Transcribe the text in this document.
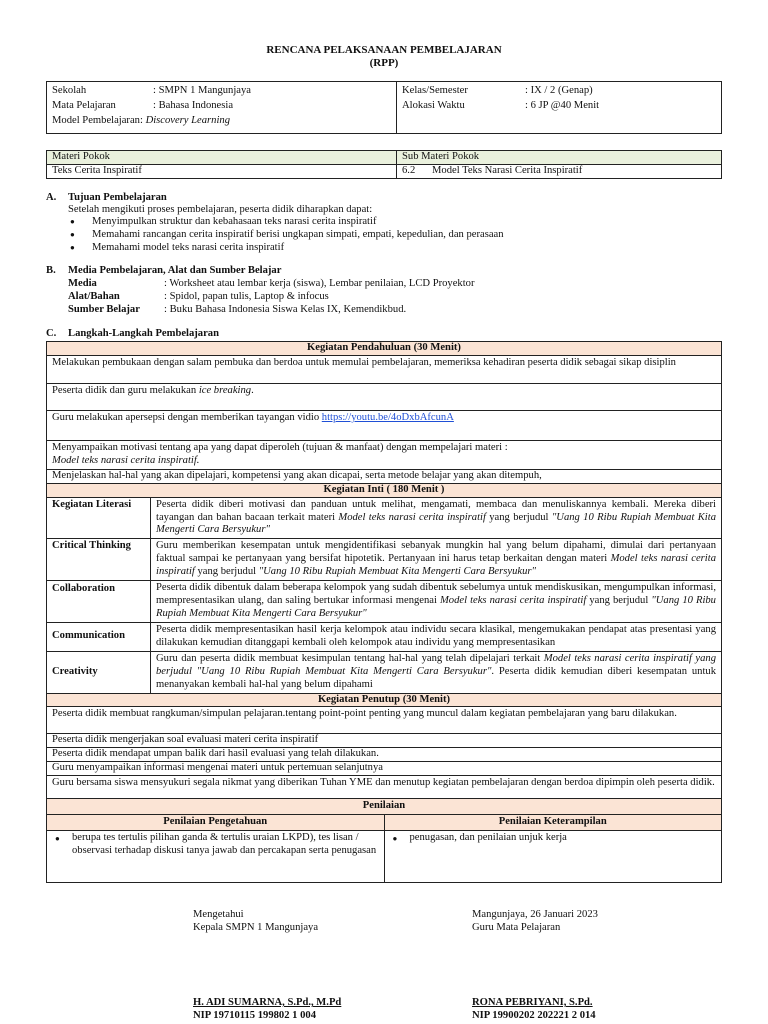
RENCANA PELAKSANAAN PEMBELAJARAN
(RPP)
Sekolah	: SMPN 1 Mangunjaya
Mata Pelajaran	: Bahasa Indonesia
Model Pembelajaran: Discovery Learning

Kelas/Semester	: IX / 2 (Genap)
Alokasi Waktu	: 6 JP @40 Menit
Materi Pokok	Sub Materi Pokok
Teks Cerita Inspiratif	6.2 Model Teks Narasi Cerita Inspiratif
A. Tujuan Pembelajaran
Setelah mengikuti proses pembelajaran, peserta didik diharapkan dapat:
● Menyimpulkan struktur dan kebahasaan teks narasi cerita inspiratif
● Memahami rancangan cerita inspiratif berisi ungkapan simpati, empati, kepedulian, dan perasaan
● Memahami model teks narasi cerita inspiratif
B. Media Pembelajaran, Alat dan Sumber Belajar
Media	: Worksheet atau lembar kerja (siswa), Lembar penilaian, LCD Proyektor
Alat/Bahan	: Spidol, papan tulis, Laptop & infocus
Sumber Belajar : Buku Bahasa Indonesia Siswa Kelas IX, Kemendikbud.
C. Langkah-Langkah Pembelajaran
Kegiatan Pendahuluan (30 Menit)	
Melakukan pembukaan dengan salam pembuka dan berdoa untuk memulai pembelajaran, memeriksa kehadiran peserta didik sebagai sikap disiplin	
Peserta didik dan guru melakukan ice breaking.	
Guru melakukan apersepsi dengan memberikan tayangan vidio https://youtu.be/4oDxbAfcunA	

Menyampaikan motivasi tentang apa yang dapat diperoleh (tujuan & manfaat) dengan mempelajari materi :
Model teks narasi cerita inspiratif.	
Menjelaskan hal-hal yang akan dipelajari, kompetensi yang akan dicapai, serta metode belajar yang akan ditempuh,	
Kegiatan Inti ( 180 Menit )	
Kegiatan Literasi	Peserta didik diberi motivasi dan panduan untuk melihat, mengamati, membaca dan menuliskannya kembali. Mereka diberi tayangan dan bahan bacaan terkait materi Model teks narasi cerita inspiratif yang berjudul "Uang 10 Ribu Rupiah Membuat Kita Mengerti Cara Bersyukur"
Critical Thinking	Guru memberikan kesempatan untuk mengidentifikasi sebanyak mungkin hal yang belum dipahami, dimulai dari pertanyaan faktual sampai ke pertanyaan yang bersifat hipotetik. Pertanyaan ini harus tetap berkaitan dengan materi Model teks narasi cerita inspiratif yang berjudul "Uang 10 Ribu Rupiah Membuat Kita Mengerti Cara Bersyukur"
Collaboration	Peserta didik dibentuk dalam beberapa kelompok yang sudah dibentuk sebelumya untuk mendiskusikan, mengumpulkan informasi, mempresentasikan ulang, dan saling bertukar informasi mengenai Model teks narasi cerita inspiratif yang berjudul "Uang 10 Ribu Rupiah Membuat Kita Mengerti Cara Bersyukur"
Communication	Peserta didik mempresentasikan hasil kerja kelompok atau individu secara klasikal, mengemukakan pendapat atas presentasi yang dilakukan kemudian ditanggapi kembali oleh kelompok atau individu yang mempresentasikan
Creativity	Guru dan peserta didik membuat kesimpulan tentang hal-hal yang telah dipelajari terkait Model teks narasi cerita inspiratif yang berjudul "Uang 10 Ribu Rupiah Membuat Kita Mengerti Cara Bersyukur". Peserta didik kemudian diberi kesempatan untuk menanyakan kembali hal-hal yang belum dipahami
Kegiatan Penutup (30 Menit)	
Peserta didik membuat rangkuman/simpulan pelajaran.tentang point-point penting yang muncul dalam kegiatan pembelajaran yang baru dilakukan.	
Peserta didik mengerjakan soal evaluasi materi cerita inspiratif	
Peserta didik mendapat umpan balik dari hasil evaluasi yang telah dilakukan.	
Guru menyampaikan informasi mengenai materi untuk pertemuan selanjutnya	
Guru bersama siswa mensyukuri segala nikmat yang diberikan Tuhan YME dan menutup kegiatan pembelajaran dengan berdoa dipimpin oleh peserta didik.	
Penilaian	
Penilaian Pengetahuan	Penilaian Keterampilan

● berupa tes tertulis pilihan ganda & tertulis uraian LKPD), tes lisan / observasi terhadap diskusi tanya jawab dan percakapan serta penugasan	● penugasan, dan penilaian unjuk kerja
Mengetahui
Kepala SMPN 1 Mangunjaya
H. ADI SUMARNA, S.Pd., M.Pd
NIP 19710115 199802 1 004
Mangunjaya, 26 Januari 2023
Guru Mata Pelajaran
RONA PEBRIYANI, S.Pd.
NIP 19900202 202221 2 014
